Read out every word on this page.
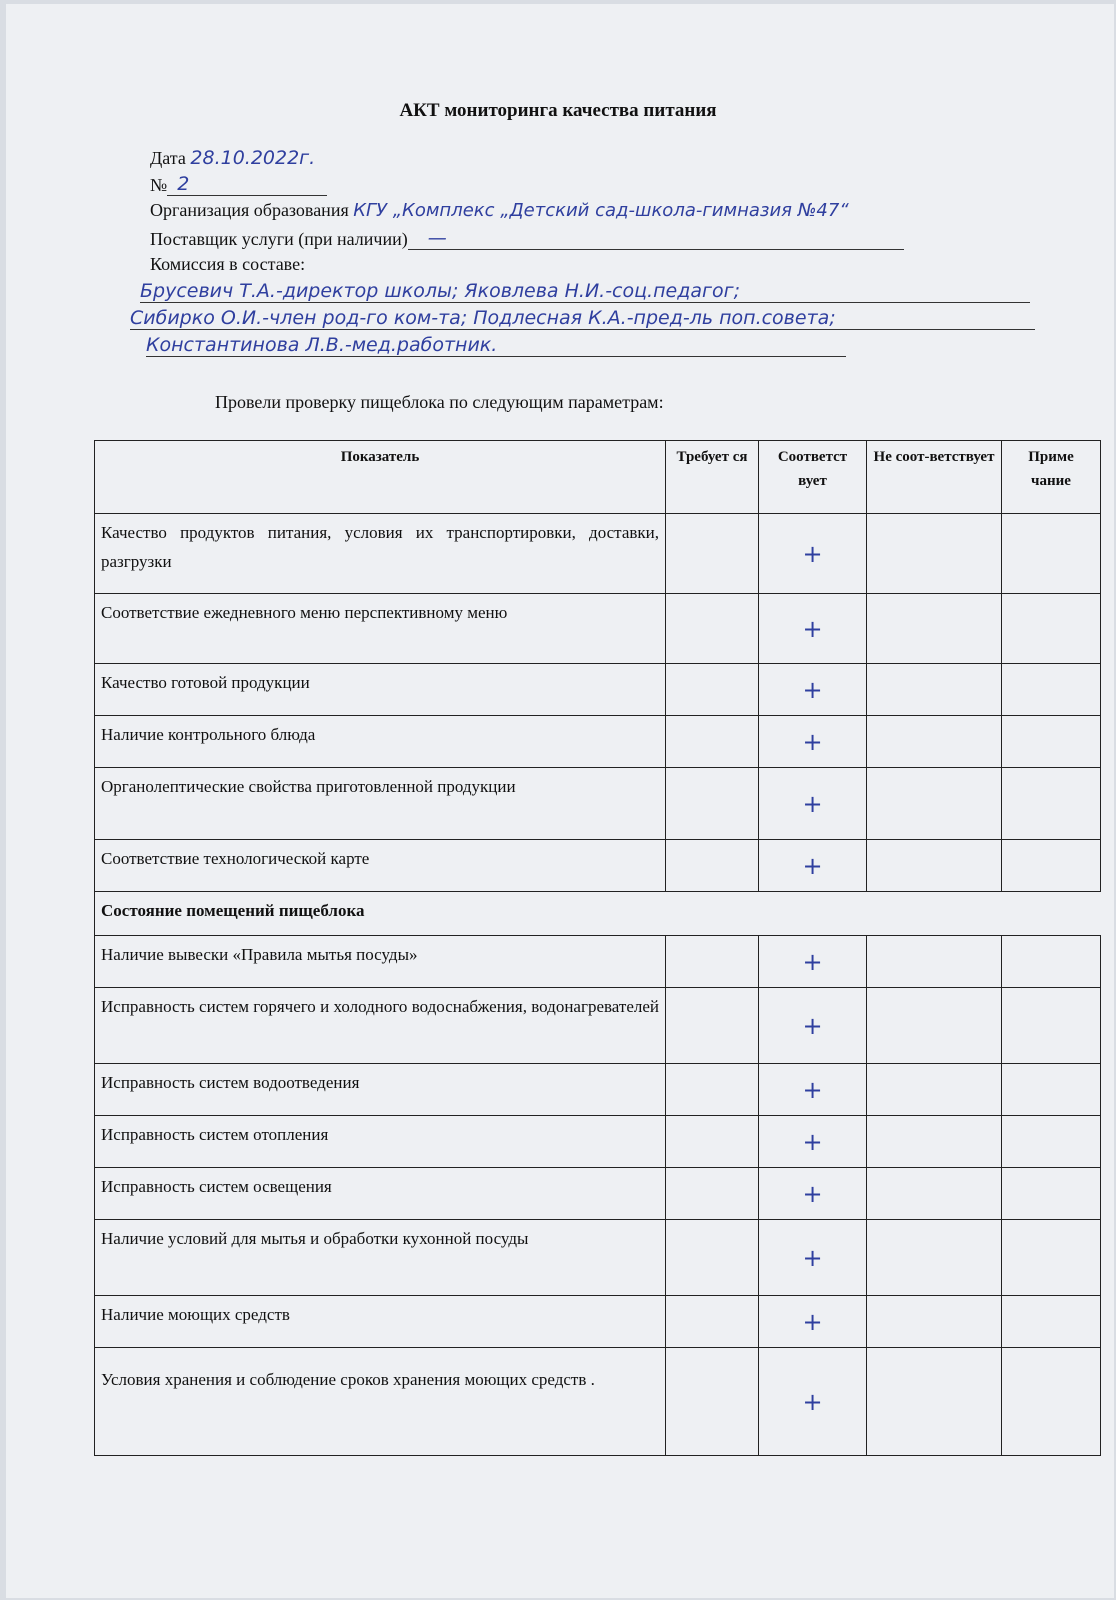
АКТ мониторинга качества питания
Дата 28.10.2022г.
№ 2
Организация образования КГУ „Комплекс „Детский сад-школа-гимназия №47“
Поставщик услуги (при наличии) —
Комиссия в составе:
Брусевич Т.А.-директор школы; Яковлева Н.И.-соц.педагог;
Сибирко О.И.-член род-го ком-та; Подлесная К.А.-пред-ль поп.совета;
Константинова Л.В.-мед.работник.
Провели проверку пищеблока по следующим параметрам:
Показатель	Требует ся	Соответст вует	Не соот-ветствует	Приме чание

Качество продуктов питания, условия их транспортировки, доставки, разгрузки		+		
Соответствие ежедневного меню перспективному меню		+		
Качество готовой продукции		+		
Наличие контрольного блюда		+		
Органолептические свойства приготовленной продукции		+		
Соответствие технологической карте		+		
Состояние помещений пищеблока				
Наличие вывески «Правила мытья посуды»		+		

Исправность систем горячего и холодного водоснабжения, водонагревателей		+		
Исправность систем водоотведения		+		
Исправность систем отопления		+		
Исправность систем освещения		+		
Наличие условий для мытья и обработки кухонной посуды		+		
Наличие моющих средств		+		
Условия хранения и соблюдение сроков хранения моющих средств .		+		
